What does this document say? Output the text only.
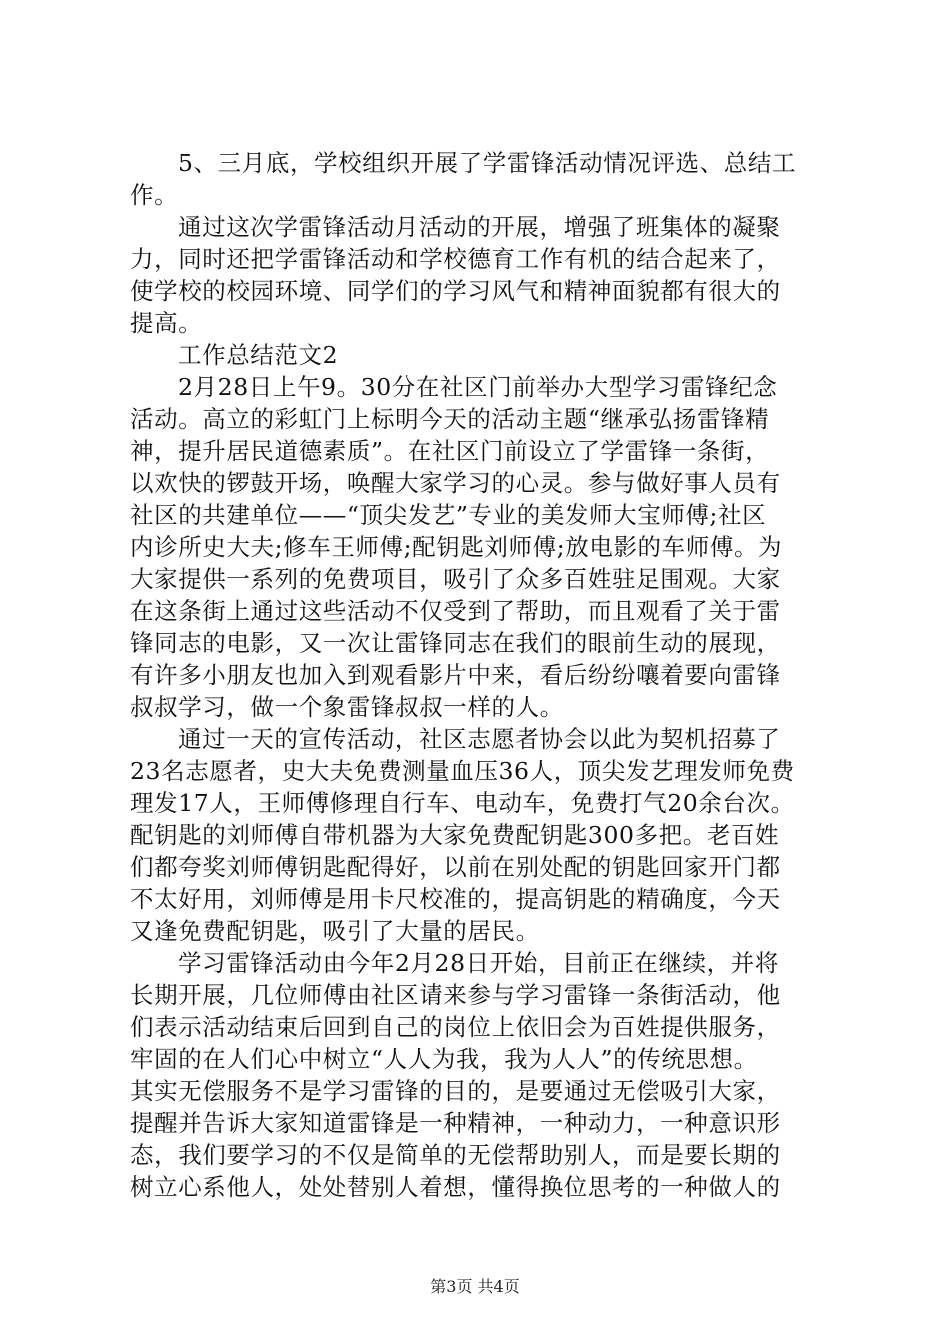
5、三月底，学校组织开展了学雷锋活动情况评选、总结工
作。
通过这次学雷锋活动月活动的开展，增强了班集体的凝聚
力，同时还把学雷锋活动和学校德育工作有机的结合起来了，
使学校的校园环境、同学们的学习风气和精神面貌都有很大的
提高。
工作总结范文2
2月28日上午9。30分在社区门前举办大型学习雷锋纪念
活动。高立的彩虹门上标明今天的活动主题“继承弘扬雷锋精
神，提升居民道德素质”。在社区门前设立了学雷锋一条街，
以欢快的锣鼓开场，唤醒大家学习的心灵。参与做好事人员有
社区的共建单位——“顶尖发艺”专业的美发师大宝师傅;社区
内诊所史大夫;修车王师傅;配钥匙刘师傅;放电影的车师傅。为
大家提供一系列的免费项目，吸引了众多百姓驻足围观。大家
在这条街上通过这些活动不仅受到了帮助，而且观看了关于雷
锋同志的电影，又一次让雷锋同志在我们的眼前生动的展现，
有许多小朋友也加入到观看影片中来，看后纷纷嚷着要向雷锋
叔叔学习，做一个象雷锋叔叔一样的人。
通过一天的宣传活动，社区志愿者协会以此为契机招募了
23名志愿者，史大夫免费测量血压36人，顶尖发艺理发师免费
理发17人，王师傅修理自行车、电动车，免费打气20余台次。
配钥匙的刘师傅自带机器为大家免费配钥匙300多把。老百姓
们都夸奖刘师傅钥匙配得好，以前在别处配的钥匙回家开门都
不太好用，刘师傅是用卡尺校准的，提高钥匙的精确度，今天
又逢免费配钥匙，吸引了大量的居民。
学习雷锋活动由今年2月28日开始，目前正在继续，并将
长期开展，几位师傅由社区请来参与学习雷锋一条街活动，他
们表示活动结束后回到自己的岗位上依旧会为百姓提供服务，
牢固的在人们心中树立“人人为我，我为人人”的传统思想。
其实无偿服务不是学习雷锋的目的，是要通过无偿吸引大家，
提醒并告诉大家知道雷锋是一种精神，一种动力，一种意识形
态，我们要学习的不仅是简单的无偿帮助别人，而是要长期的
树立心系他人，处处替别人着想，懂得换位思考的一种做人的
第3页 共4页
